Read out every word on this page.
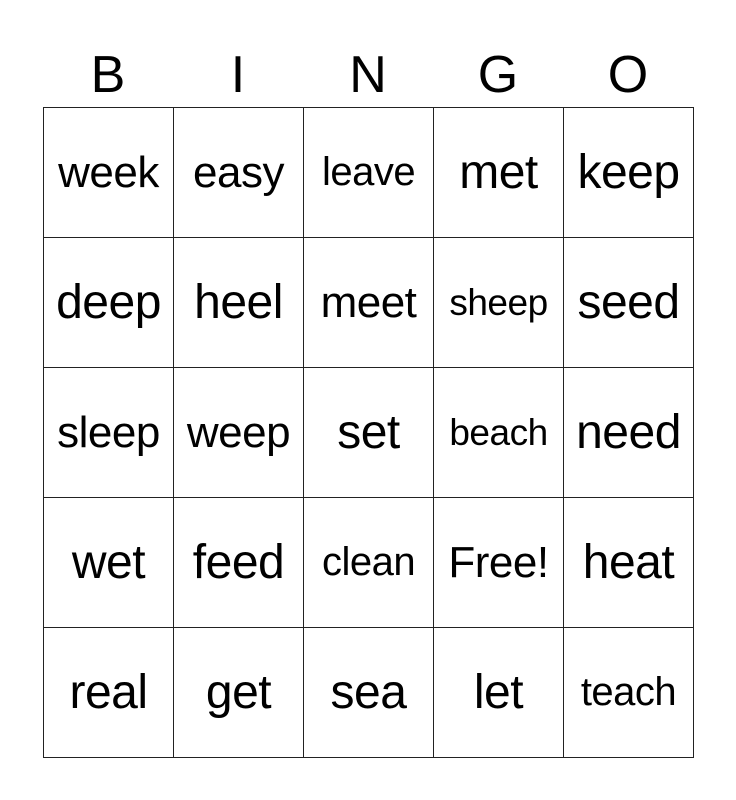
B	I	N	G	O
week easy leave met keep
deep heel meet sheep seed
sleep weep set	beach need
wet feed clean Free! heat
real	get	sea	let	teach
